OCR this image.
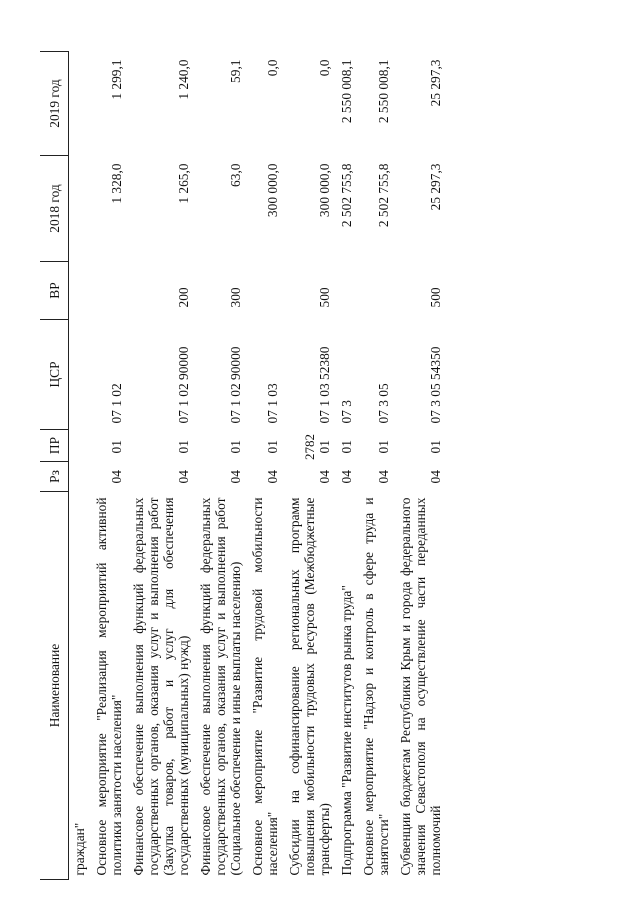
2782
Наименование	Рз	ПР	ЦСР	ВР	2018 год	2019 год
граждан"						
Основное мероприятие "Реализация мероприятий активной политики занятости населения"	04	01	07 1 02		1 328,0	1 299,1
Финансовое обеспечение выполнения функций федеральных государственных органов, оказания услуг и выполнения работ (Закупка товаров, работ и услуг для обеспечения государственных (муниципальных) нужд)	04	01	07 1 02 90000	200	1 265,0	1 240,0
Финансовое обеспечение выполнения функций федеральных государственных органов, оказания услуг и выполнения работ (Социальное обеспечение и иные выплаты населению)	04	01	07 1 02 90000	300	63,0	59,1
Основное мероприятие "Развитие трудовой мобильности населения"	04	01	07 1 03		300 000,0	0,0
Субсидии на софинансирование региональных программ повышения мобильности трудовых ресурсов (Межбюджетные трансферты)	04	01	07 1 03 52380	500	300 000,0	0,0
Подпрограмма "Развитие институтов рынка труда"	04	01	07 3		2 502 755,8	2 550 008,1
Основное мероприятие "Надзор и контроль в сфере труда и занятости"	04	01	07 3 05		2 502 755,8	2 550 008,1
Субвенции бюджетам Республики Крым и города федерального значения Севастополя на осуществление части переданных полномочий	04	01	07 3 05 54350	500	25 297,3	25 297,3
